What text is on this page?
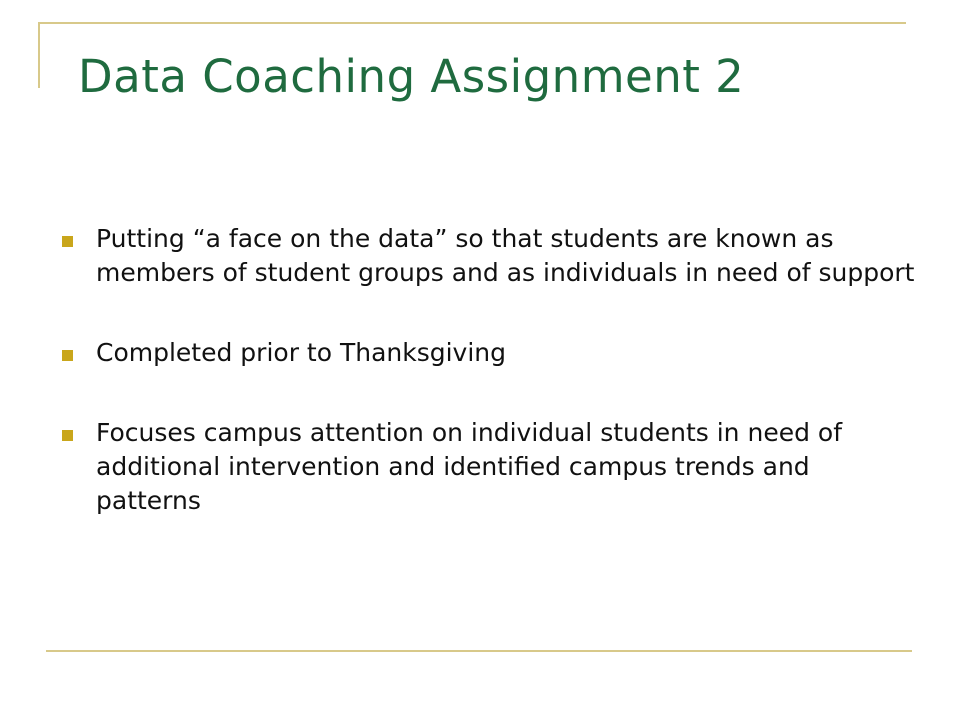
Data Coaching Assignment 2
Putting “a face on the data” so that students are known as members of student groups and as individuals in need of support
Completed prior to Thanksgiving
Focuses campus attention on individual students in need of additional intervention and identified campus trends and patterns
